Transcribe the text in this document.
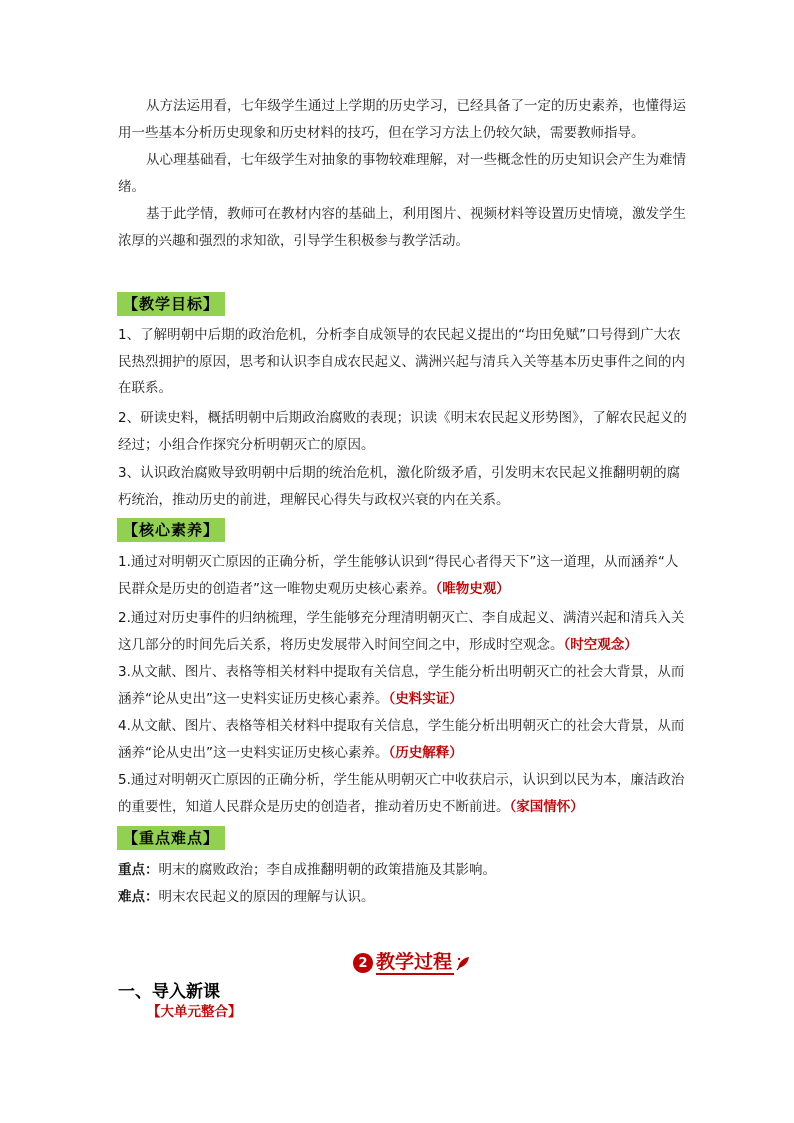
从方法运用看，七年级学生通过上学期的历史学习，已经具备了一定的历史素养，也懂得运用一些基本分析历史现象和历史材料的技巧，但在学习方法上仍较欠缺，需要教师指导。

从心理基础看，七年级学生对抽象的事物较难理解，对一些概念性的历史知识会产生为难情绪。

基于此学情，教师可在教材内容的基础上，利用图片、视频材料等设置历史情境，激发学生浓厚的兴趣和强烈的求知欲，引导学生积极参与教学活动。

【教学目标】

1、了解明朝中后期的政治危机，分析李自成领导的农民起义提出的“均田免赋”口号得到广大农民热烈拥护的原因，思考和认识李自成农民起义、满洲兴起与清兵入关等基本历史事件之间的内在联系。

2、研读史料，概括明朝中后期政治腐败的表现；识读《明末农民起义形势图》，了解农民起义的经过；小组合作探究分析明朝灭亡的原因。

3、认识政治腐败导致明朝中后期的统治危机，激化阶级矛盾，引发明末农民起义推翻明朝的腐朽统治，推动历史的前进，理解民心得失与政权兴衰的内在关系。

【核心素养】

1.通过对明朝灭亡原因的正确分析，学生能够认识到“得民心者得天下”这一道理，从而涵养“人民群众是历史的创造者”这一唯物史观历史核心素养。（唯物史观）

2.通过对历史事件的归纳梳理，学生能够充分理清明朝灭亡、李自成起义、满清兴起和清兵入关这几部分的时间先后关系，将历史发展带入时间空间之中，形成时空观念。（时空观念）

3.从文献、图片、表格等相关材料中提取有关信息，学生能分析出明朝灭亡的社会大背景，从而涵养“论从史出”这一史料实证历史核心素养。（史料实证）

4.从文献、图片、表格等相关材料中提取有关信息，学生能分析出明朝灭亡的社会大背景，从而涵养“论从史出”这一史料实证历史核心素养。（历史解释）

5.通过对明朝灭亡原因的正确分析，学生能从明朝灭亡中收获启示，认识到以民为本，廉洁政治的重要性，知道人民群众是历史的创造者，推动着历史不断前进。（家国情怀）

【重点难点】

重点：明末的腐败政治；李自成推翻明朝的政策措施及其影响。

难点：明末农民起义的原因的理解与认识。

2 教学过程
一、导入新课
【大单元整合】
